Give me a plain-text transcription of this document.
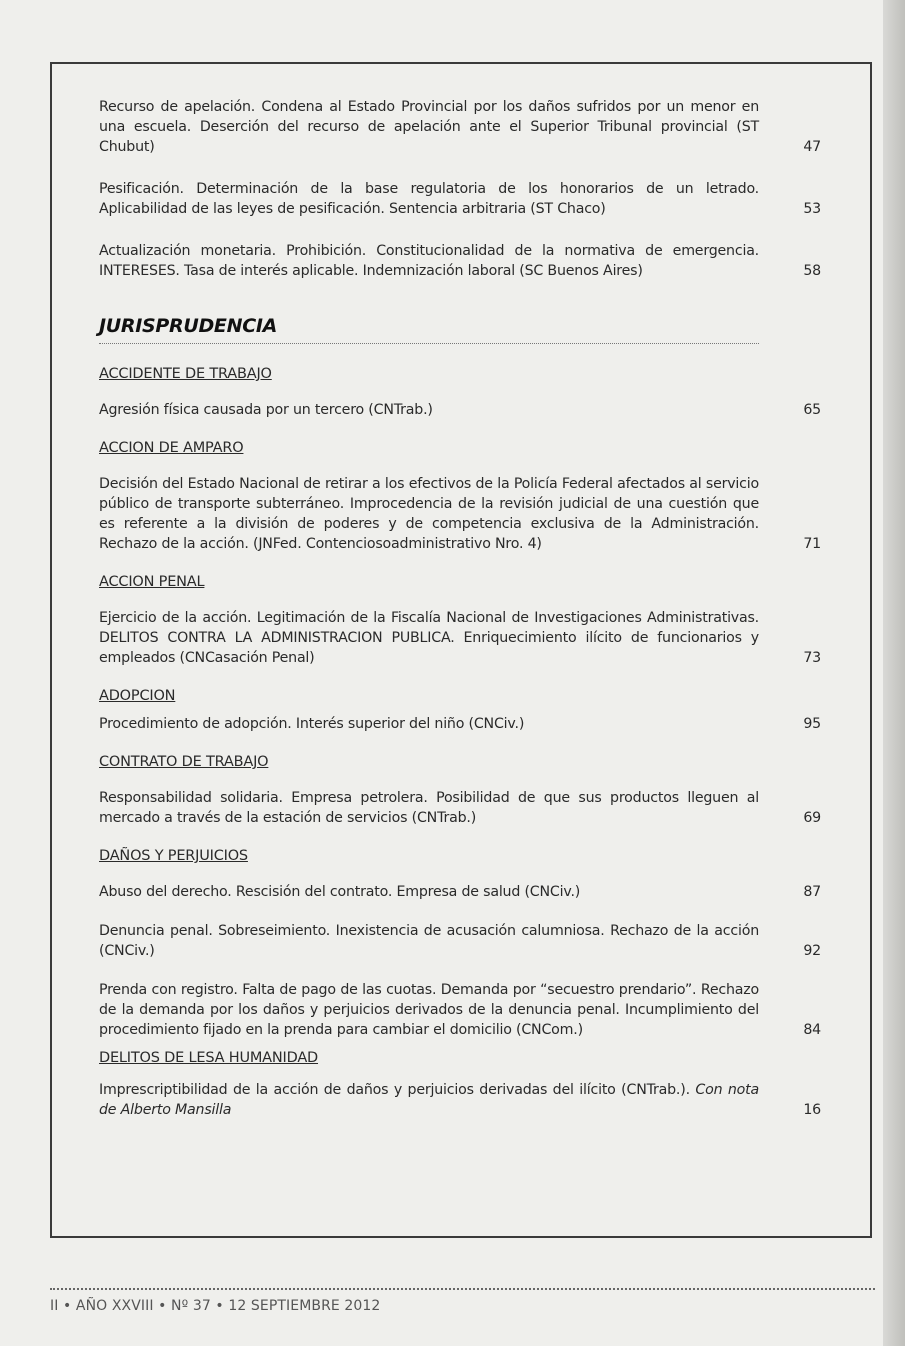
Recurso de apelación. Condena al Estado Provincial por los daños sufridos por un menor en una escuela. Deserción del recurso de apelación ante el Superior Tribunal provincial (ST Chubut)	47
Pesificación. Determinación de la base regulatoria de los honorarios de un letrado. Aplicabilidad de las leyes de pesificación. Sentencia arbitraria (ST Chaco)	53
Actualización monetaria. Prohibición. Constitucionalidad de la normativa de emergencia. INTERESES. Tasa de interés aplicable. Indemnización laboral (SC Buenos Aires)	58
JURISPRUDENCIA
ACCIDENTE DE TRABAJO
Agresión física causada por un tercero (CNTrab.)	65
ACCION DE AMPARO
Decisión del Estado Nacional de retirar a los efectivos de la Policía Federal afectados al servicio público de transporte subterráneo. Improcedencia de la revisión judicial de una cuestión que es referente a la división de poderes y de competencia exclusiva de la Administración. Rechazo de la acción. (JNFed. Contenciosoadministrativo Nro. 4)	71
ACCION PENAL
Ejercicio de la acción. Legitimación de la Fiscalía Nacional de Investigaciones Administrativas. DELITOS CONTRA LA ADMINISTRACION PUBLICA. Enriquecimiento ilícito de funcionarios y empleados (CNCasación Penal)	73
ADOPCION
Procedimiento de adopción. Interés superior del niño (CNCiv.)	95
CONTRATO DE TRABAJO
Responsabilidad solidaria. Empresa petrolera. Posibilidad de que sus productos lleguen al mercado a través de la estación de servicios (CNTrab.)	69
DAÑOS Y PERJUICIOS
Abuso del derecho. Rescisión del contrato. Empresa de salud (CNCiv.)	87
Denuncia penal. Sobreseimiento. Inexistencia de acusación calumniosa. Rechazo de la acción (CNCiv.)	92
Prenda con registro. Falta de pago de las cuotas. Demanda por “secuestro prendario”. Rechazo de la demanda por los daños y perjuicios derivados de la denuncia penal. Incumplimiento del procedimiento fijado en la prenda para cambiar el domicilio (CNCom.)	84
DELITOS DE LESA HUMANIDAD
Imprescriptibilidad de la acción de daños y perjuicios derivadas del ilícito (CNTrab.). Con nota de Alberto Mansilla	16
II • AÑO XXVIII • Nº 37 • 12 SEPTIEMBRE 2012
